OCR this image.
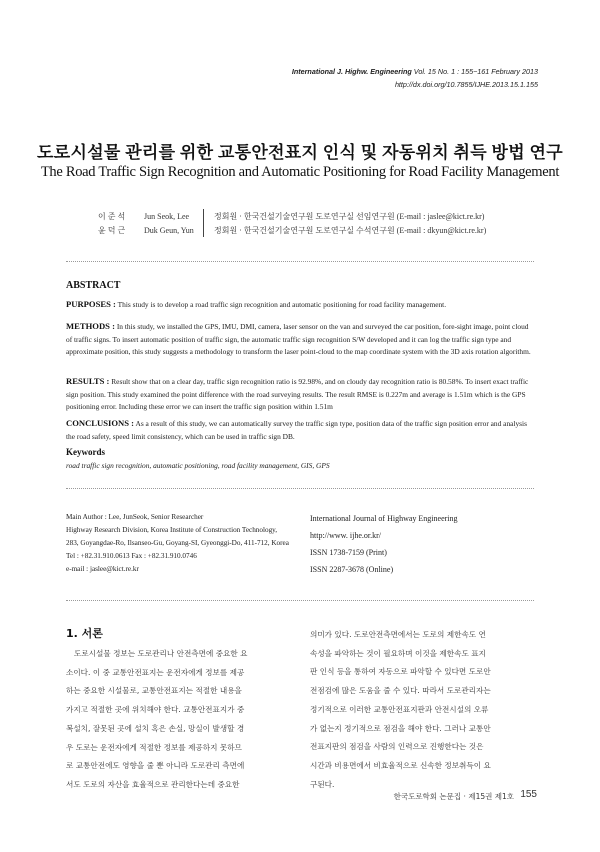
International J. Highw. Engineering Vol. 15 No. 1 : 155−161 February 2013
http://dx.doi.org/10.7855/IJHE.2013.15.1.155
도로시설물 관리를 위한 교통안전표지 인식 및 자동위치 취득 방법 연구
The Road Traffic Sign Recognition and Automatic Positioning for Road Facility Management
이 준 석
윤 덕 근
Jun Seok, Lee
Duk Geun, Yun
정회원 · 한국건설기술연구원 도로연구실 선임연구원 (E-mail : jaslee@kict.re.kr)
정회원 · 한국건설기술연구원 도로연구실 수석연구원 (E-mail : dkyun@kict.re.kr)
ABSTRACT
PURPOSES : This study is to develop a road traffic sign recognition and automatic positioning for road facility management.
METHODS : In this study, we installed the GPS, IMU, DMI, camera, laser sensor on the van and surveyed the car position, fore-sight image, point cloud of traffic signs. To insert automatic position of traffic sign, the automatic traffic sign recognition S/W developed and it can log the traffic sign type and approximate position, this study suggests a methodology to transform the laser point-cloud to the map coordinate system with the 3D axis rotation algorithm.
RESULTS : Result show that on a clear day, traffic sign recognition ratio is 92.98%, and on cloudy day recognition ratio is 80.58%. To insert exact traffic sign position. This study examined the point difference with the road surveying results. The result RMSE is 0.227m and average is 1.51m which is the GPS positioning error. Including these error we can insert the traffic sign position within 1.51m
CONCLUSIONS : As a result of this study, we can automatically survey the traffic sign type, position data of the traffic sign position error and analysis the road safety, speed limit consistency, which can be used in traffic sign DB.
Keywords
road traffic sign recognition, automatic positioning, road facility management, GIS, GPS
Main Author : Lee, JunSeok, Senior Researcher
Highway Research Division, Korea Institute of Construction Technology,
283, Goyangdae-Ro, Ilsanseo-Gu, Goyang-SI, Gyeonggi-Do, 411-712, Korea
Tel : +82.31.910.0613 Fax : +82.31.910.0746
e-mail : jaslee@kict.re.kr
International Journal of Highway Engineering
http://www. ijhe.or.kr/
ISSN 1738-7159 (Print)
ISSN 2287-3678 (Online)
1. 서론
도로시설물 정보는 도로관리나 안전측면에 중요한 요
소이다. 이 중 교통안전표지는 운전자에게 정보를 제공
하는 중요한 시설물로, 교통안전표지는 적절한 내용을
가지고 적절한 곳에 위치해야 한다. 교통안전표지가 중
복설치, 잘못된 곳에 설치 혹은 손실, 망실이 발생할 경
우 도로는 운전자에게 적절한 정보를 제공하지 못하므
로 교통안전에도 영향을 줄 뿐 아니라 도로관리 측면에
서도 도로의 자산을 효율적으로 관리한다는데 중요한
의미가 있다. 도로안전측면에서는 도로의 제한속도 연
속성을 파악하는 것이 필요하며 이것을 제한속도 표지
판 인식 등을 통하여 자동으로 파악할 수 있다면 도로안
전점검에 많은 도움을 줄 수 있다. 따라서 도로관리자는
정기적으로 이러한 교통안전표지판과 안전시설의 오류
가 없는지 정기적으로 점검을 해야 한다. 그러나 교통안
전표지판의 점검을 사람의 인력으로 진행한다는 것은
시간과 비용면에서 비효율적으로 신속한 정보취득이 요
구된다.
한국도로학회 논문집 · 제15권 제1호 155
